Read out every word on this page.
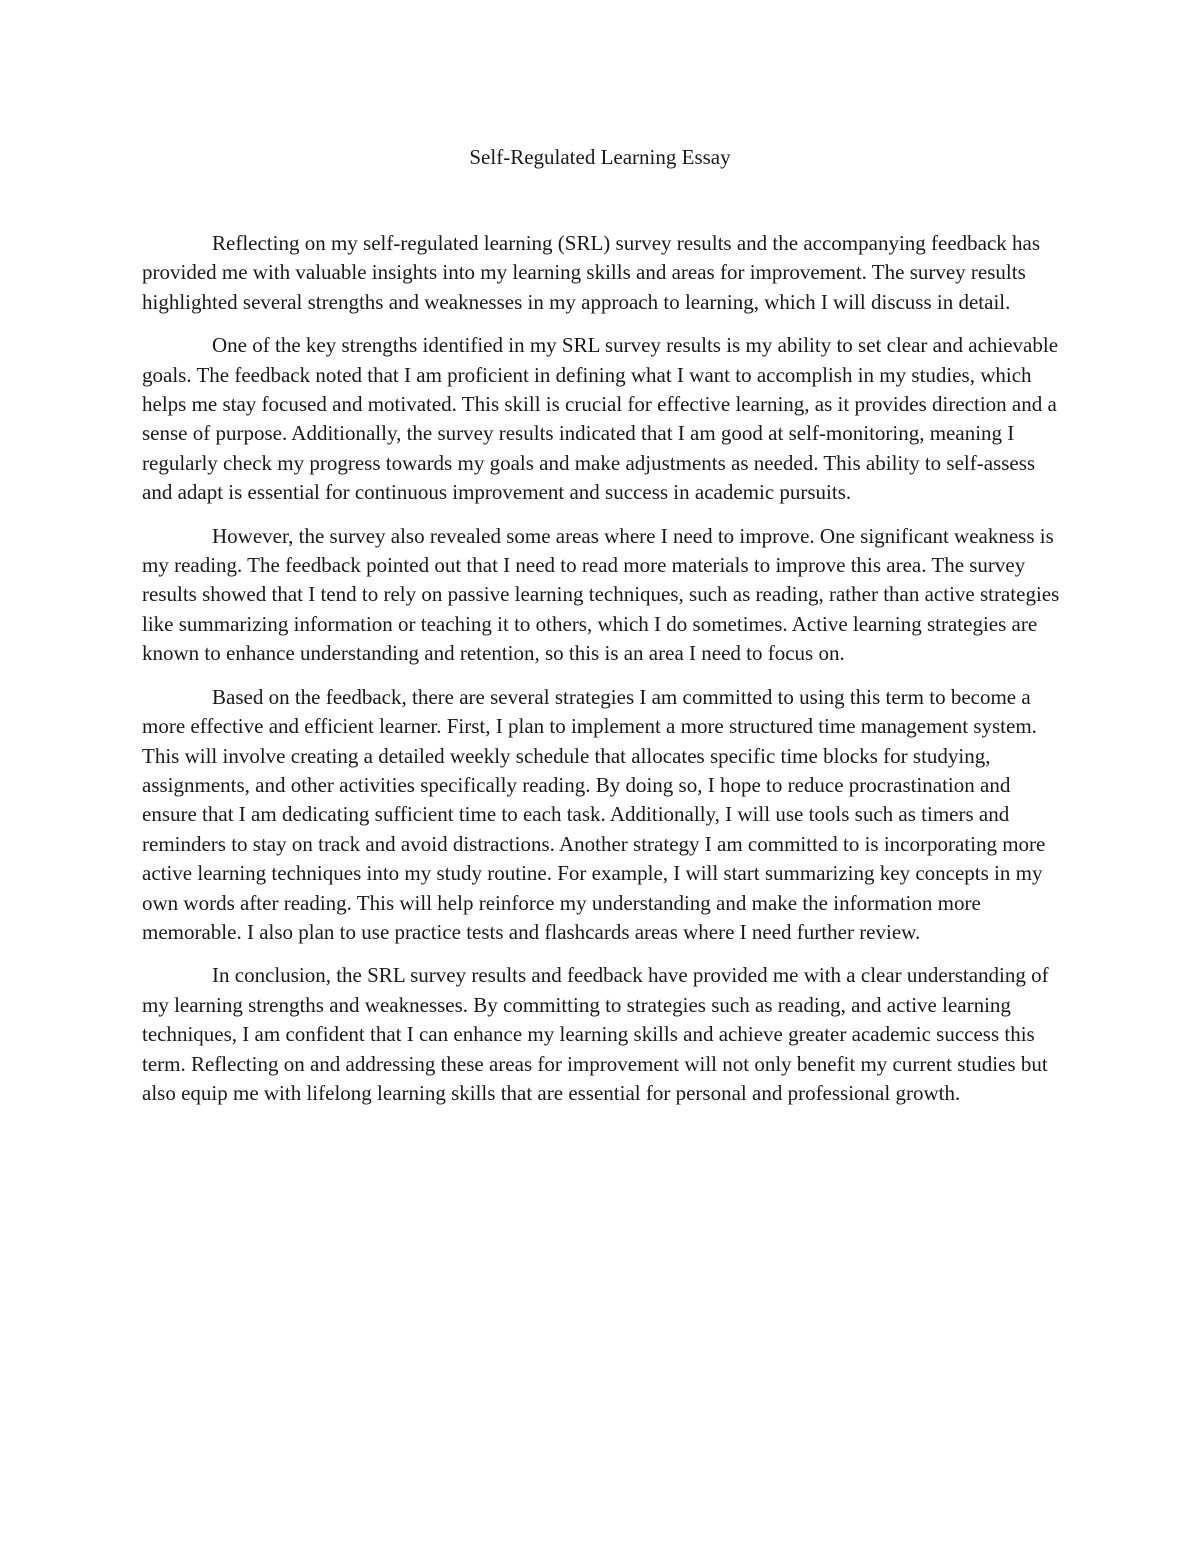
Self-Regulated Learning Essay

Reflecting on my self-regulated learning (SRL) survey results and the accompanying feedback has provided me with valuable insights into my learning skills and areas for improvement. The survey results highlighted several strengths and weaknesses in my approach to learning, which I will discuss in detail.

One of the key strengths identified in my SRL survey results is my ability to set clear and achievable goals. The feedback noted that I am proficient in defining what I want to accomplish in my studies, which helps me stay focused and motivated. This skill is crucial for effective learning, as it provides direction and a sense of purpose. Additionally, the survey results indicated that I am good at self-monitoring, meaning I regularly check my progress towards my goals and make adjustments as needed. This ability to self-assess and adapt is essential for continuous improvement and success in academic pursuits.

However, the survey also revealed some areas where I need to improve. One significant weakness is my reading. The feedback pointed out that I need to read more materials to improve this area. The survey results showed that I tend to rely on passive learning techniques, such as reading, rather than active strategies like summarizing information or teaching it to others, which I do sometimes. Active learning strategies are known to enhance understanding and retention, so this is an area I need to focus on.

Based on the feedback, there are several strategies I am committed to using this term to become a more effective and efficient learner. First, I plan to implement a more structured time management system. This will involve creating a detailed weekly schedule that allocates specific time blocks for studying, assignments, and other activities specifically reading. By doing so, I hope to reduce procrastination and ensure that I am dedicating sufficient time to each task. Additionally, I will use tools such as timers and reminders to stay on track and avoid distractions. Another strategy I am committed to is incorporating more active learning techniques into my study routine. For example, I will start summarizing key concepts in my own words after reading. This will help reinforce my understanding and make the information more memorable. I also plan to use practice tests and flashcards areas where I need further review.

In conclusion, the SRL survey results and feedback have provided me with a clear understanding of my learning strengths and weaknesses. By committing to strategies such as reading, and active learning techniques, I am confident that I can enhance my learning skills and achieve greater academic success this term. Reflecting on and addressing these areas for improvement will not only benefit my current studies but also equip me with lifelong learning skills that are essential for personal and professional growth.
